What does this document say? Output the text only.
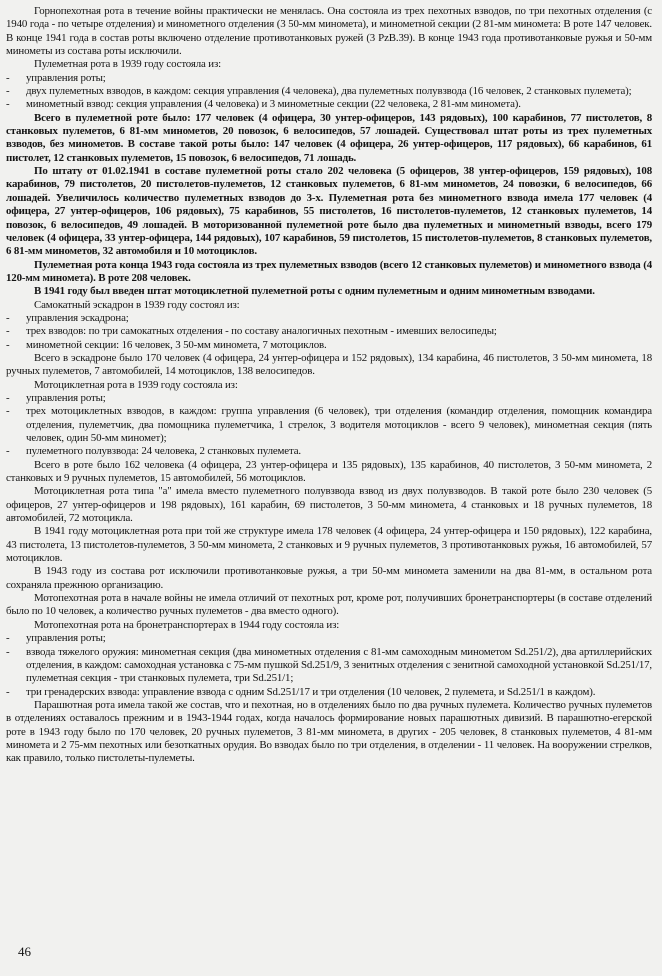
Горнопехотная рота в течение войны практически не менялась. Она состояла из трех пехотных взводов, по три пехотных отделения (с 1940 года - по четыре отделения) и минометного отделения (3 50-мм миномета), и минометной секции (2 81-мм миномета: В роте 147 человек. В конце 1941 года в состав роты включено отделение противотанковых ружей (3 PzB.39). В конце 1943 года противотанковые ружья и 50-мм минометы из состава роты исключили.

Пулеметная рота в 1939 году состояла из:

- управления роты;

- двух пулеметных взводов, в каждом: секция управления (4 человека), два пулеметных полувзвода (16 человек, 2 станковых пулемета);

- минометный взвод: секция управления (4 человека) и 3 минометные секции (22 человека, 2 81-мм миномета).

Всего в пулеметной роте было: 177 человек (4 офицера, 30 унтер-офицеров, 143 рядовых), 100 карабинов, 77 пистолетов, 8 станковых пулеметов, 6 81-мм минометов, 20 повозок, 6 велосипедов, 57 лошадей. Существовал штат роты из трех пулеметных взводов, без минометов. В составе такой роты было: 147 человек (4 офицера, 26 унтер-офицеров, 117 рядовых), 66 карабинов, 61 пистолет, 12 станковых пулеметов, 15 повозок, 6 велосипедов, 71 лошадь.

По штату от 01.02.1941 в составе пулеметной роты стало 202 человека (5 офицеров, 38 унтер-офицеров, 159 рядовых), 108 карабинов, 79 пистолетов, 20 пистолетов-пулеметов, 12 станковых пулеметов, 6 81-мм минометов, 24 повозки, 6 велосипедов, 66 лошадей. Увеличилось количество пулеметных взводов до 3-х. Пулеметная рота без минометного взвода имела 177 человек (4 офицера, 27 унтер-офицеров, 106 рядовых), 75 карабинов, 55 пистолетов, 16 пистолетов-пулеметов, 12 станковых пулеметов, 14 повозок, 6 велосипедов, 49 лошадей. В моторизованной пулеметной роте было два пулеметных и минометный взводы, всего 179 человек (4 офицера, 33 унтер-офицера, 144 рядовых), 107 карабинов, 59 пистолетов, 15 пистолетов-пулеметов, 8 станковых пулеметов, 6 81-мм минометов, 32 автомобиля и 10 мотоциклов.

Пулеметная рота конца 1943 года состояла из трех пулеметных взводов (всего 12 станковых пулеметов) и минометного взвода (4 120-мм миномета). В роте 208 человек.

В 1941 году был введен штат мотоциклетной пулеметной роты с одним пулеметным и одним минометным взводами.

Самокатный эскадрон в 1939 году состоял из:

- управления эскадрона;

- трех взводов: по три самокатных отделения - по составу аналогичных пехотным - имевших велосипеды;

- минометной секции: 16 человек, 3 50-мм миномета, 7 мотоциклов.

Всего в эскадроне было 170 человек (4 офицера, 24 унтер-офицера и 152 рядовых), 134 карабина, 46 пистолетов, 3 50-мм миномета, 18 ручных пулеметов, 7 автомобилей, 14 мотоциклов, 138 велосипедов.

Мотоциклетная рота в 1939 году состояла из:

- управления роты;

- трех мотоциклетных взводов, в каждом: группа управления (6 человек), три отделения (командир отделения, помощник командира отделения, пулеметчик, два помощника пулеметчика, 1 стрелок, 3 водителя мотоциклов - всего 9 человек), минометная секция (пять человек, один 50-мм миномет);

- пулеметного полувзвода: 24 человека, 2 станковых пулемета.

Всего в роте было 162 человека (4 офицера, 23 унтер-офицера и 135 рядовых), 135 карабинов, 40 пистолетов, 3 50-мм миномета, 2 станковых и 9 ручных пулеметов, 15 автомобилей, 56 мотоциклов.

Мотоциклетная рота типа "а" имела вместо пулеметного полувзвода взвод из двух полувзводов. В такой роте было 230 человек (5 офицеров, 27 унтер-офицеров и 198 рядовых), 161 карабин, 69 пистолетов, 3 50-мм миномета, 4 станковых и 18 ручных пулеметов, 18 автомобилей, 72 мотоцикла.

В 1941 году мотоциклетная рота при той же структуре имела 178 человек (4 офицера, 24 унтер-офицера и 150 рядовых), 122 карабина, 43 пистолета, 13 пистолетов-пулеметов, 3 50-мм миномета, 2 станковых и 9 ручных пулеметов, 3 противотанковых ружья, 16 автомобилей, 57 мотоциклов.

В 1943 году из состава рот исключили противотанковые ружья, а три 50-мм миномета заменили на два 81-мм, в остальном рота сохраняла прежнюю организацию.

Мотопехотная рота в начале войны не имела отличий от пехотных рот, кроме рот, получивших бронетранспортеры (в составе отделений было по 10 человек, а количество ручных пулеметов - два вместо одного).

Мотопехотная рота на бронетранспортерах в 1944 году состояла из:

- управления роты;

- взвода тяжелого оружия: минометная секция (два минометных отделения с 81-мм самоходным минометом Sd.251/2), два артиллерийских отделения, в каждом: самоходная установка с 75-мм пушкой Sd.251/9, 3 зенитных отделения с зенитной самоходной установкой Sd.251/17, пулеметная секция - три станковых пулемета, три Sd.251/1;

- три гренадерских взвода: управление взвода с одним Sd.251/17 и три отделения (10 человек, 2 пулемета, и Sd.251/1 в каждом).

Парашютная рота имела такой же состав, что и пехотная, но в отделениях было по два ручных пулемета. Количество ручных пулеметов в отделениях оставалось прежним и в 1943-1944 годах, когда началось формирование новых парашютных дивизий. В парашютно-егерской роте в 1943 году было по 170 человек, 20 ручных пулеметов, 3 81-мм миномета, в других - 205 человек, 8 станковых пулеметов, 4 81-мм миномета и 2 75-мм пехотных или безоткатных орудия. Во взводах было по три отделения, в отделении - 11 человек. На вооружении стрелков, как правило, только пистолеты-пулеметы.

46
